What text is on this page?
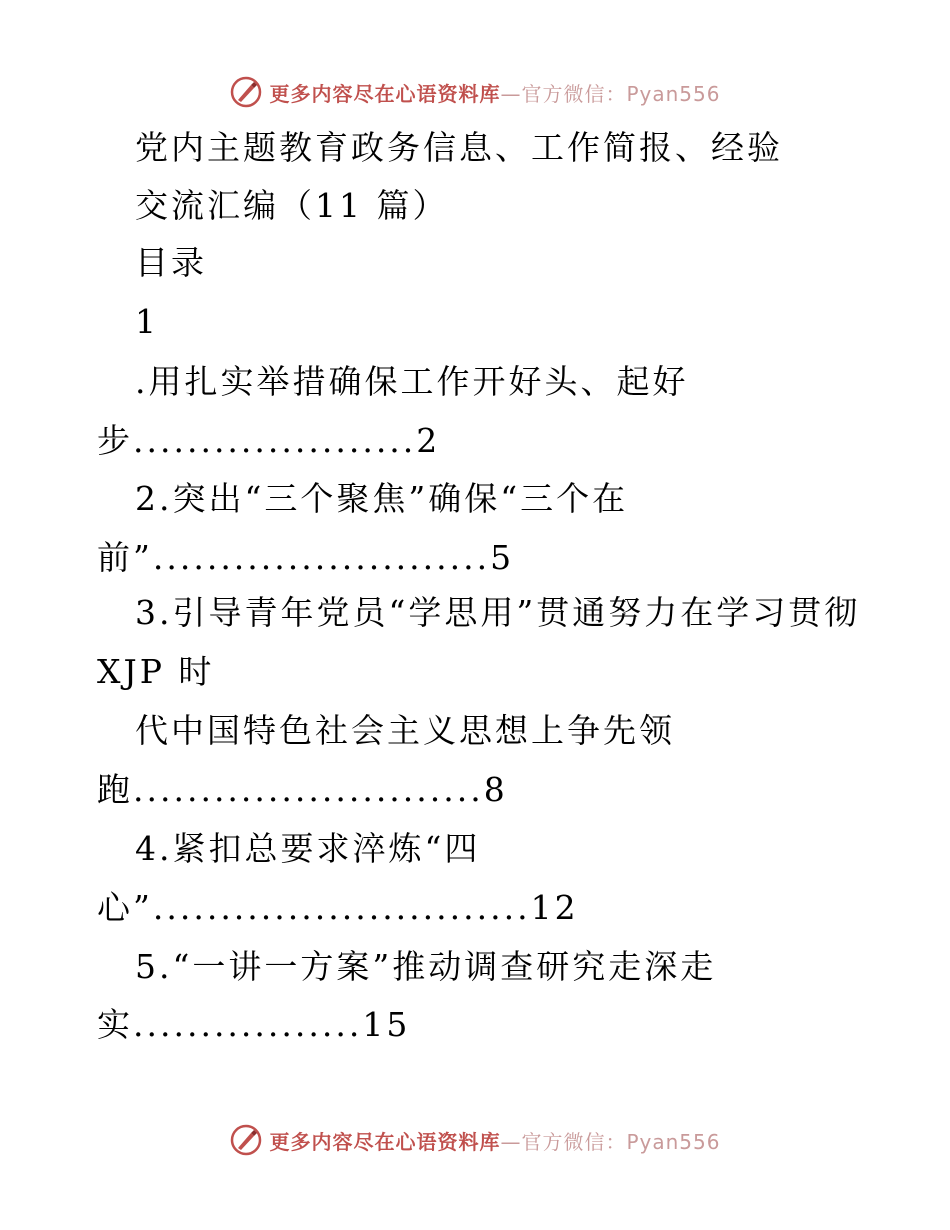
更多内容尽在心语资料库—官方微信：Pyan556
党内主题教育政务信息、工作简报、经验
交流汇编（11 篇）
目录
1
.用扎实举措确保工作开好头、起好
步.....................2
2.突出“三个聚焦”确保“三个在
前”.........................5
3.引导青年党员“学思用”贯通努力在学习贯彻
XJP 时
代中国特色社会主义思想上争先领
跑..........................8
4.紧扣总要求淬炼“四
心”............................12
5.“一讲一方案”推动调查研究走深走
实.................15
更多内容尽在心语资料库—官方微信：Pyan556
